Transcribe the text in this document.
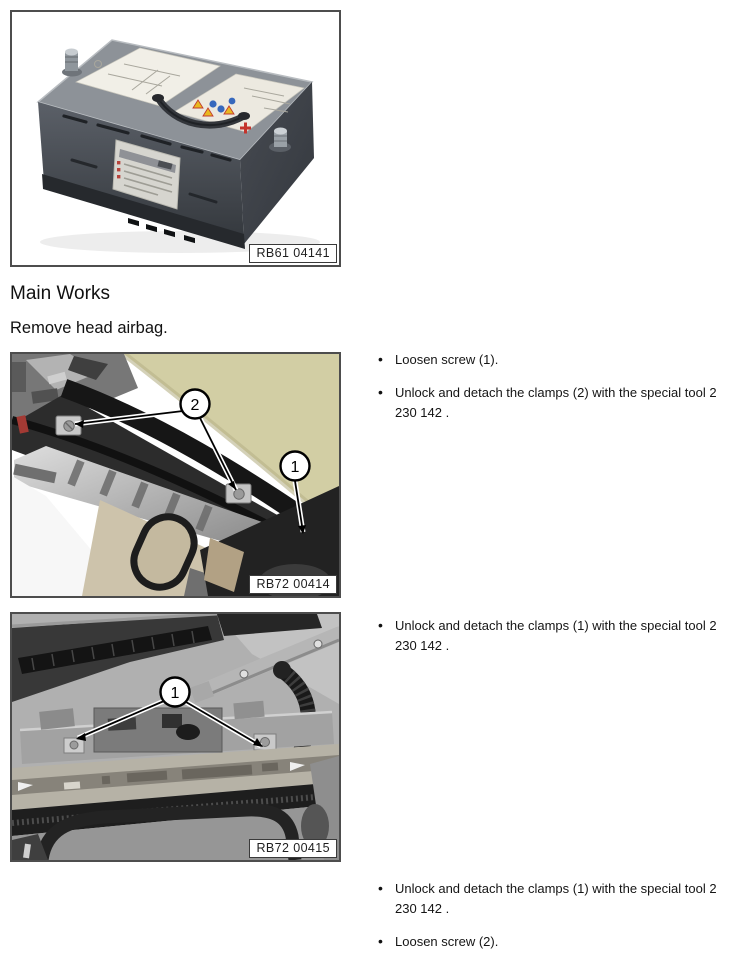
RB61 04141
Main Works

Remove head airbag.

2
1
RB72 00414
• Loosen screw (1).
• Unlock and detach the clamps (2) with the special tool 2 230 142 .
1
RB72 00415
• Unlock and detach the clamps (1) with the special tool 2 230 142 .
• Unlock and detach the clamps (1) with the special tool 2 230 142 .
• Loosen screw (2).
